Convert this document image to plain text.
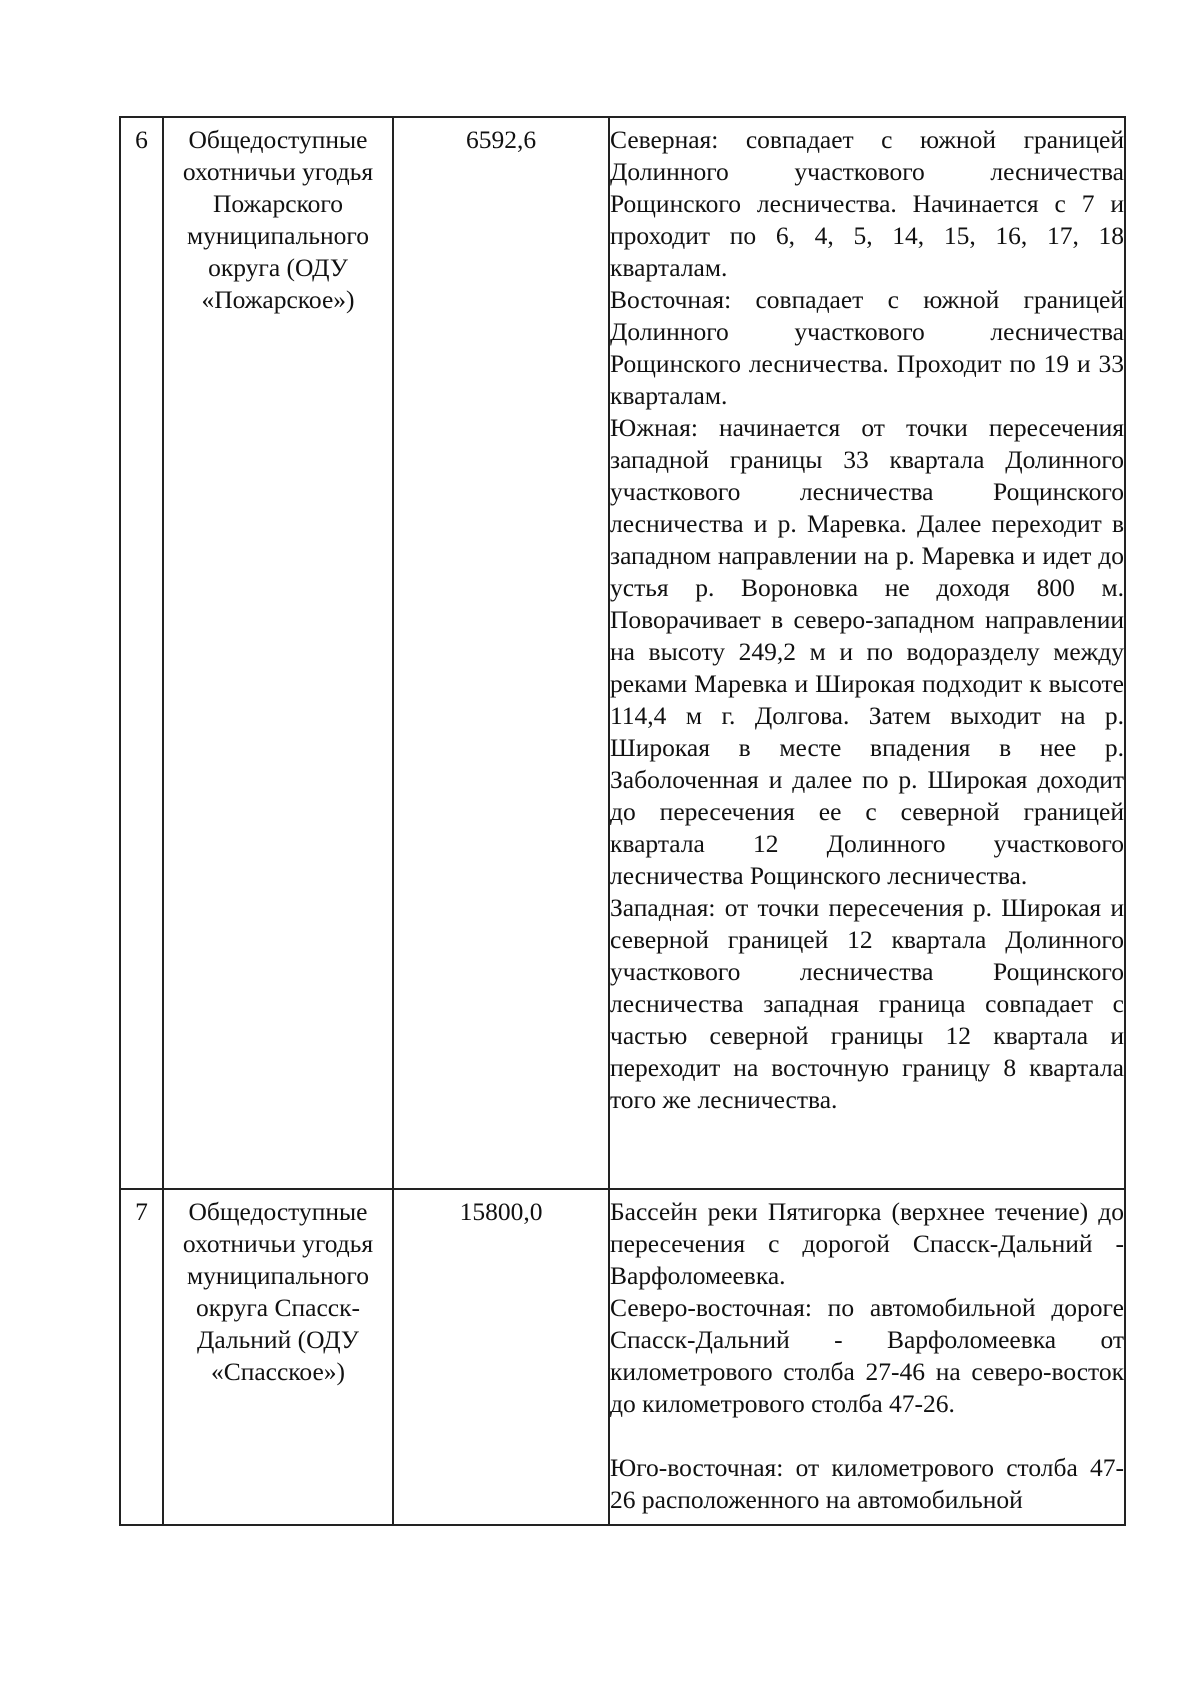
6	Общедоступные охотничьи угодья Пожарского муниципального округа (ОДУ «Пожарское»)	6592,6	Северная: совпадает с южной границей Долинного участкового лесничества Рощинского лесничества. Начинается с 7 и проходит по 6, 4, 5, 14, 15, 16, 17, 18 кварталам.
Восточная: совпадает с южной границей Долинного участкового лесничества Рощинского лесничества. Проходит по 19 и 33 кварталам.
Южная: начинается от точки пересечения западной границы 33 квартала Долинного участкового лесничества Рощинского лесничества и р. Маревка. Далее переходит в западном направлении на р. Маревка и идет до устья р. Вороновка не доходя 800 м. Поворачивает в северо-западном направлении на высоту 249,2 м и по водоразделу между реками Маревка и Широкая подходит к высоте 114,4 м г. Долгова. Затем выходит на р. Широкая в месте впадения в нее р. Заболоченная и далее по р. Широкая доходит до пересечения ее с северной границей квартала 12 Долинного участкового лесничества Рощинского лесничества.
Западная: от точки пересечения р. Широкая и северной границей 12 квартала Долинного участкового лесничества Рощинского лесничества западная граница совпадает с частью северной границы 12 квартала и переходит на восточную границу 8 квартала того же лесничества.

7	Общедоступные охотничьи угодья муниципального округа Спасск-Дальний (ОДУ «Спасское»)	15800,0	Бассейн реки Пятигорка (верхнее течение) до пересечения с дорогой Спасск-Дальний - Варфоломеевка.
Северо-восточная: по автомобильной дороге Спасск-Дальний - Варфоломеевка от километрового столба 27-46 на северо-восток до километрового столба 47-26.
Юго-восточная: от километрового столба 47-26 расположенного на автомобильной
